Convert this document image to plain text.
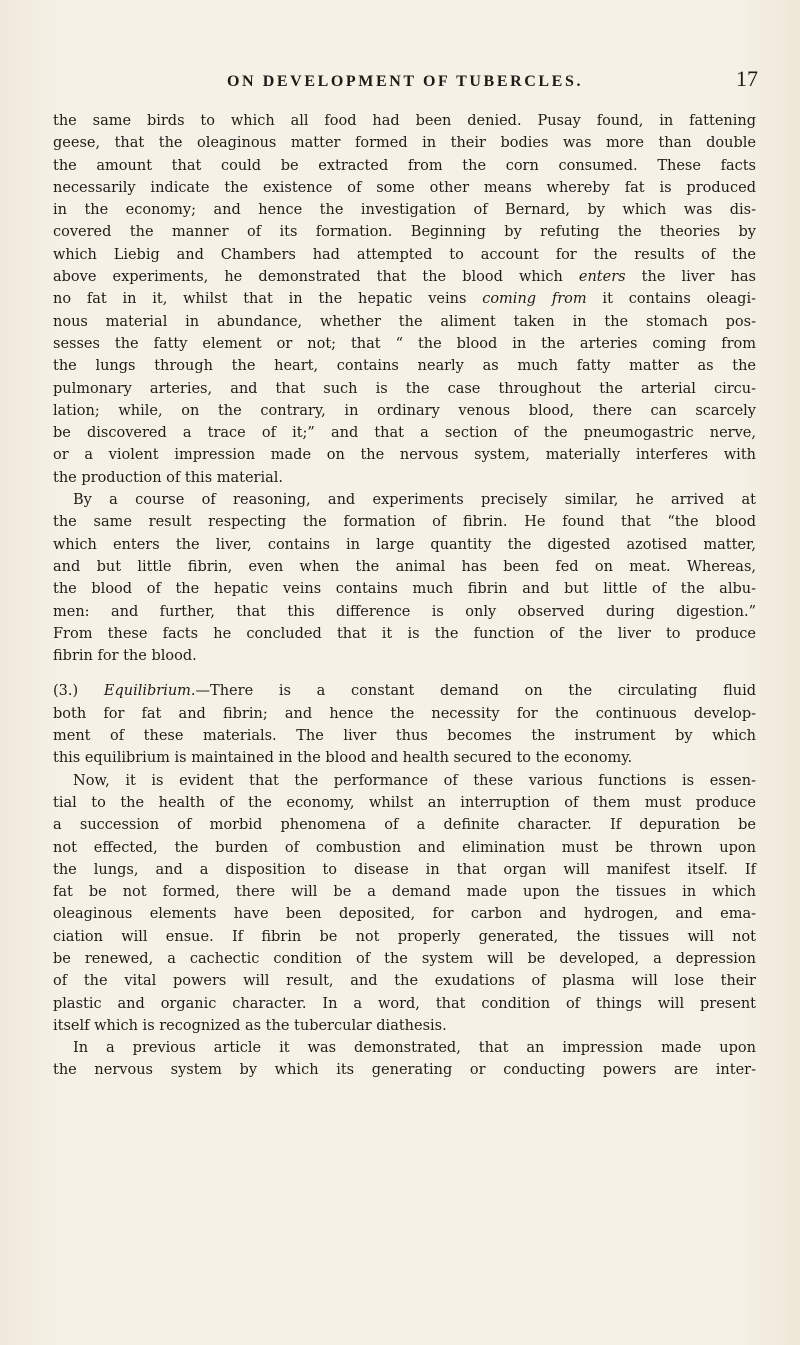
ON DEVELOPMENT OF TUBERCLES.	17

the same birds to which all food had been denied. Pusay found, in fattening

geese, that the oleaginous matter formed in their bodies was more than double

the amount that could be extracted from the corn consumed. These facts

necessarily indicate the existence of some other means whereby fat is produced

in the economy; and hence the investigation of Bernard, by which was dis-

covered the manner of its formation. Beginning by refuting the theories by

which Liebig and Chambers had attempted to account for the results of the

above experiments, he demonstrated that the blood which enters the liver has

no fat in it, whilst that in the hepatic veins coming from it contains oleagi-

nous material in abundance, whether the aliment taken in the stomach pos-

sesses the fatty element or not; that “ the blood in the arteries coming from

the lungs through the heart, contains nearly as much fatty matter as the

pulmonary arteries, and that such is the case throughout the arterial circu-

lation; while, on the contrary, in ordinary venous blood, there can scarcely

be discovered a trace of it;” and that a section of the pneumogastric nerve,

or a violent impression made on the nervous system, materially interferes with

the production of this material.

By a course of reasoning, and experiments precisely similar, he arrived at

the same result respecting the formation of fibrin. He found that “the blood

which enters the liver, contains in large quantity the digested azotised matter,

and but little fibrin, even when the animal has been fed on meat. Whereas,

the blood of the hepatic veins contains much fibrin and but little of the albu-

men: and further, that this difference is only observed during digestion.”

From these facts he concluded that it is the function of the liver to produce

fibrin for the blood.

(3.) Equilibrium.—There is a constant demand on the circulating fluid

both for fat and fibrin; and hence the necessity for the continuous develop-

ment of these materials. The liver thus becomes the instrument by which

this equilibrium is maintained in the blood and health secured to the economy.

Now, it is evident that the performance of these various functions is essen-

tial to the health of the economy, whilst an interruption of them must produce

a succession of morbid phenomena of a definite character. If depuration be

not effected, the burden of combustion and elimination must be thrown upon

the lungs, and a disposition to disease in that organ will manifest itself. If

fat be not formed, there will be a demand made upon the tissues in which

oleaginous elements have been deposited, for carbon and hydrogen, and ema-

ciation will ensue. If fibrin be not properly generated, the tissues will not

be renewed, a cachectic condition of the system will be developed, a depression

of the vital powers will result, and the exudations of plasma will lose their

plastic and organic character. In a word, that condition of things will present

itself which is recognized as the tubercular diathesis.

In a previous article it was demonstrated, that an impression made upon

the nervous system by which its generating or conducting powers are inter-
